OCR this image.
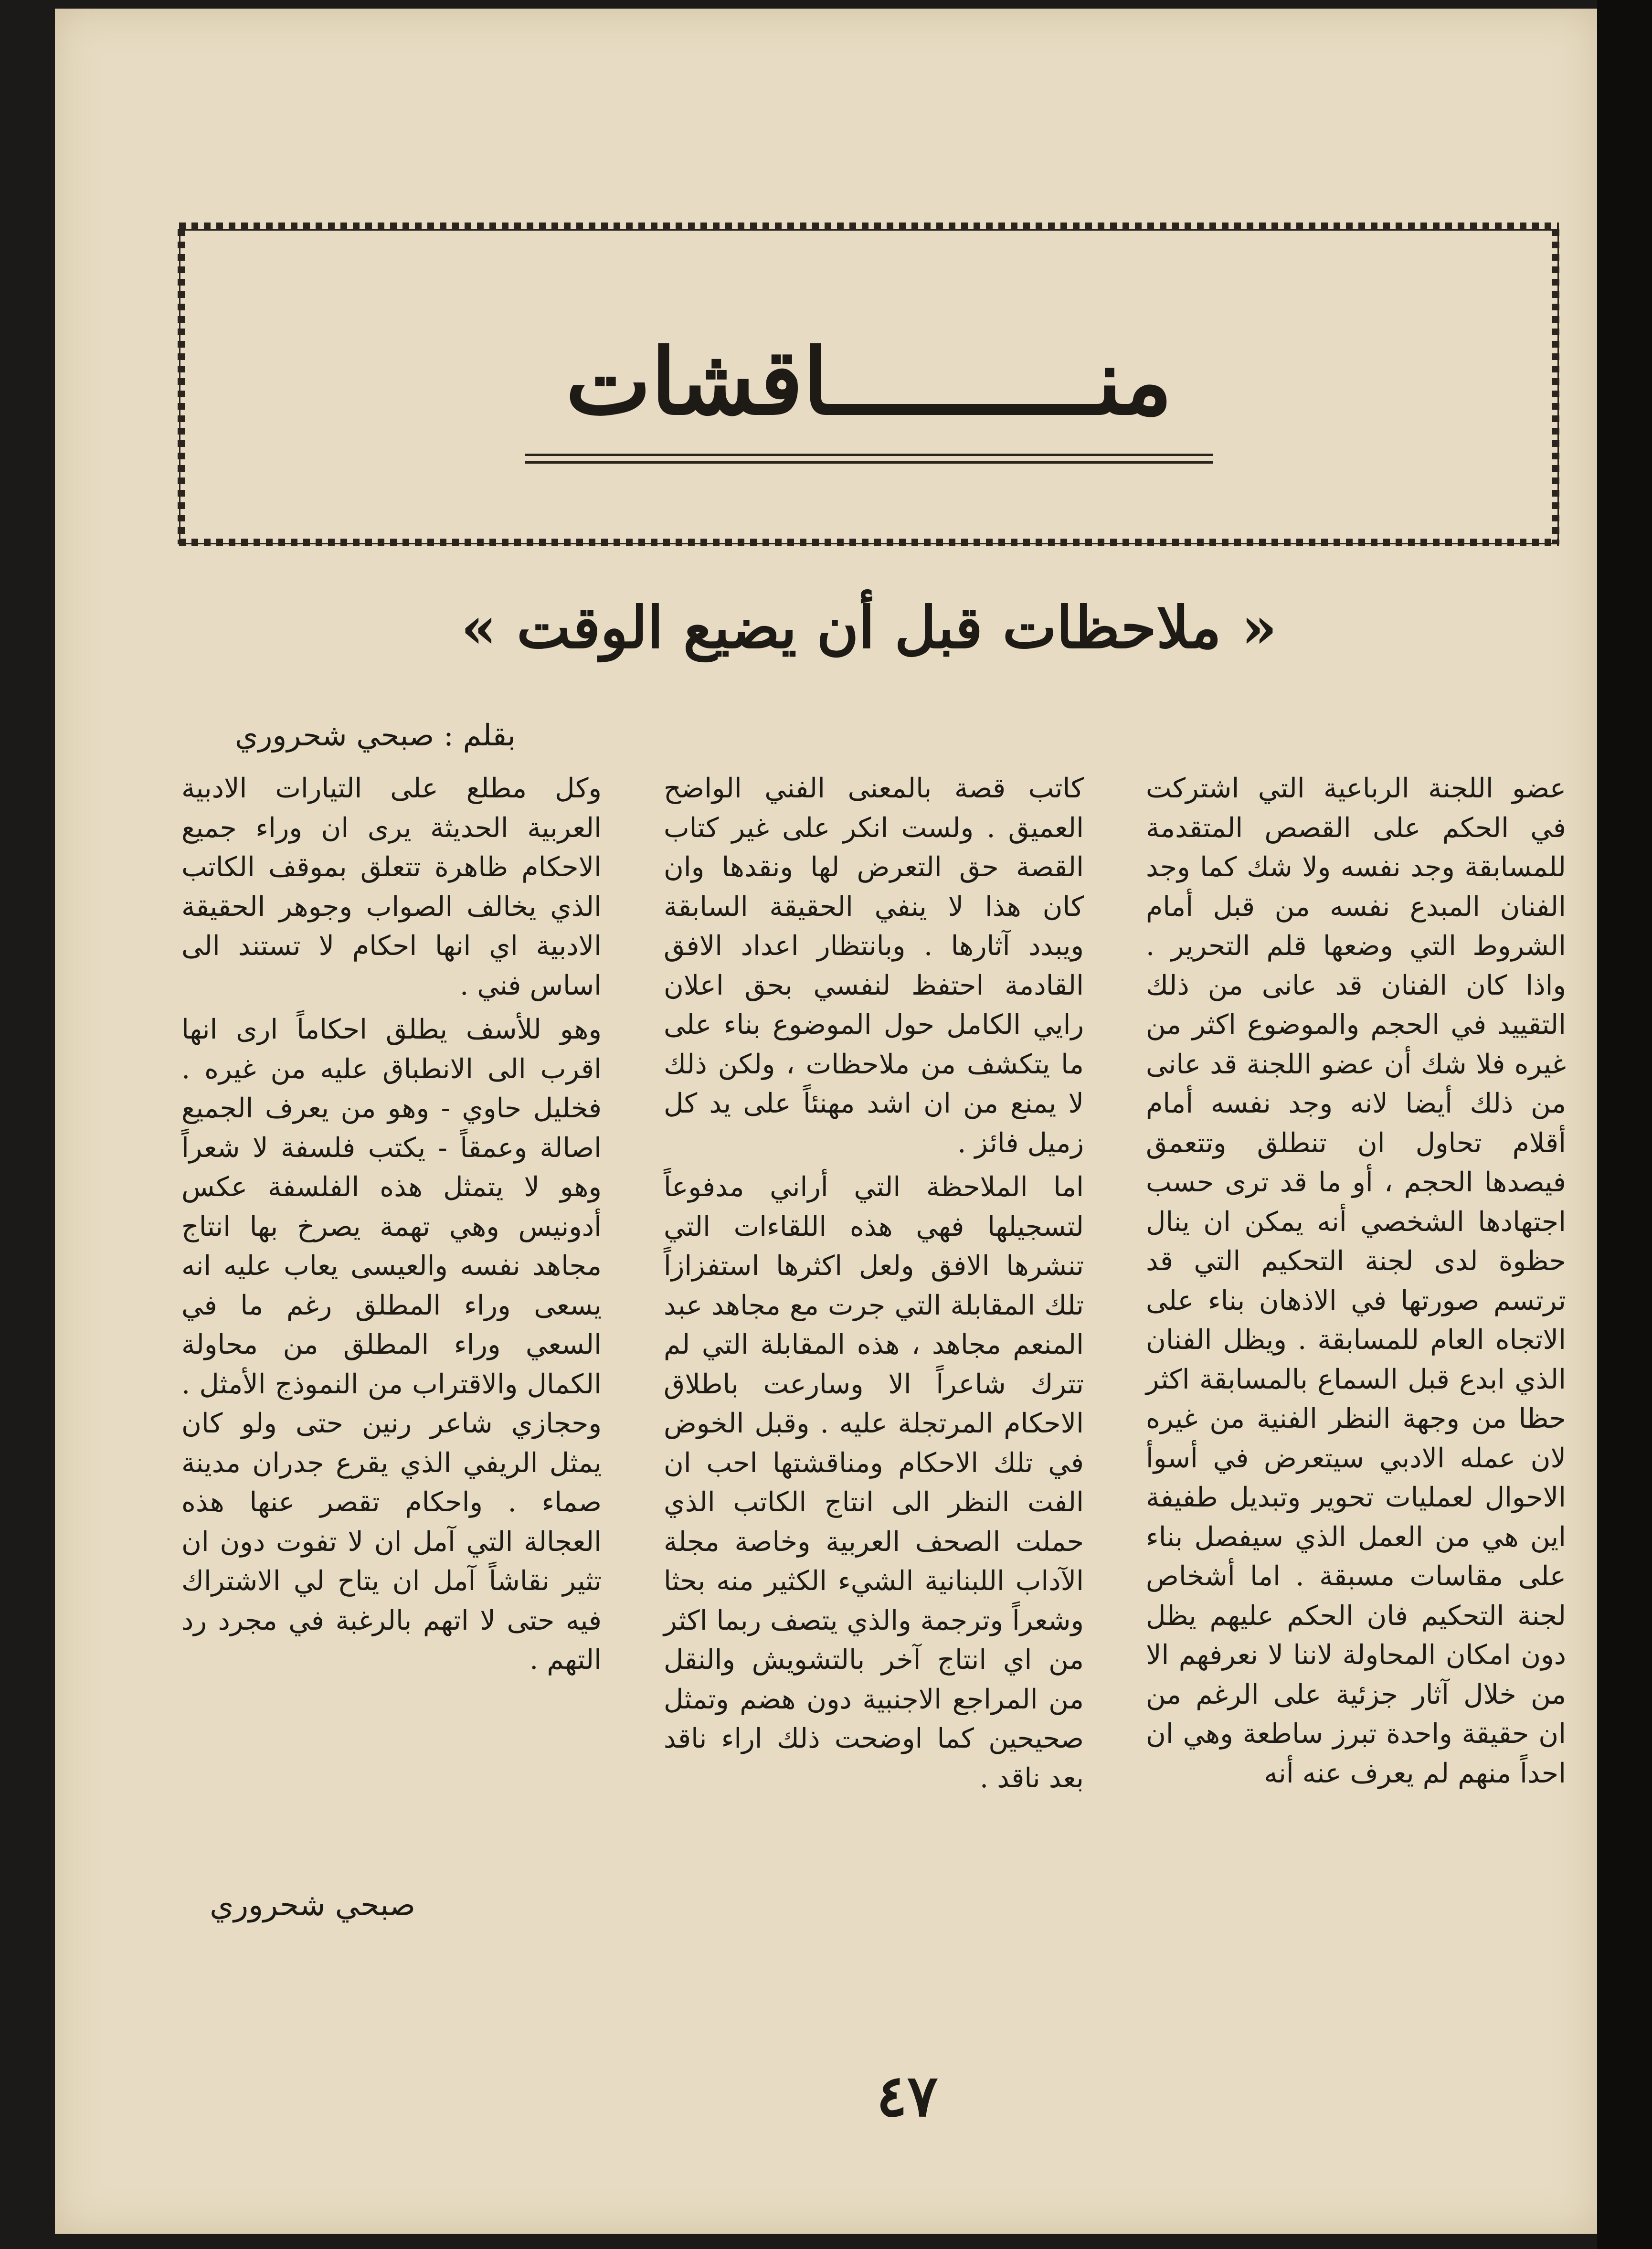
منــــــــــاقشات
« ملاحظات قبل أن يضيع الوقت »
بقلم : صبحي شحروري

عضو اللجنة الرباعية التي اشتركت في الحكم على القصص المتقدمة للمسابقة وجد نفسه ولا شك كما وجد الفنان المبدع نفسه من قبل أمام الشروط التي وضعها قلم التحرير . واذا كان الفنان قد عانى من ذلك التقييد في الحجم والموضوع اكثر من غيره فلا شك أن عضو اللجنة قد عانى من ذلك أيضا لانه وجد نفسه أمام أقلام تحاول ان تنطلق وتتعمق فيصدها الحجم ، أو ما قد ترى حسب اجتهادها الشخصي أنه يمكن ان ينال حظوة لدى لجنة التحكيم التي قد ترتسم صورتها في الاذهان بناء على الاتجاه العام للمسابقة . ويظل الفنان الذي ابدع قبل السماع بالمسابقة اكثر حظا من وجهة النظر الفنية من غيره لان عمله الادبي سيتعرض في أسوأ الاحوال لعمليات تحوير وتبديل طفيفة اين هي من العمل الذي سيفصل بناء على مقاسات مسبقة . اما أشخاص لجنة التحكيم فان الحكم عليهم يظل دون امكان المحاولة لاننا لا نعرفهم الا من خلال آثار جزئية على الرغم من ان حقيقة واحدة تبرز ساطعة وهي ان احداً منهم لم يعرف عنه أنه

كاتب قصة بالمعنى الفني الواضح العميق . ولست انكر على غير كتاب القصة حق التعرض لها ونقدها وان كان هذا لا ينفي الحقيقة السابقة ويبدد آثارها . وبانتظار اعداد الافق القادمة احتفظ لنفسي بحق اعلان رايي الكامل حول الموضوع بناء على ما يتكشف من ملاحظات ، ولكن ذلك لا يمنع من ان اشد مهنئاً على يد كل زميل فائز .

اما الملاحظة التي أراني مدفوعاً لتسجيلها فهي هذه اللقاءات التي تنشرها الافق ولعل اكثرها استفزازاً تلك المقابلة التي جرت مع مجاهد عبد المنعم مجاهد ، هذه المقابلة التي لم تترك شاعراً الا وسارعت باطلاق الاحكام المرتجلة عليه . وقبل الخوض في تلك الاحكام ومناقشتها احب ان الفت النظر الى انتاج الكاتب الذي حملت الصحف العربية وخاصة مجلة الآداب اللبنانية الشيء الكثير منه بحثا وشعراً وترجمة والذي يتصف ربما اكثر من اي انتاج آخر بالتشويش والنقل من المراجع الاجنبية دون هضم وتمثل صحيحين كما اوضحت ذلك اراء ناقد بعد ناقد .

وكل مطلع على التيارات الادبية العربية الحديثة يرى ان وراء جميع الاحكام ظاهرة تتعلق بموقف الكاتب الذي يخالف الصواب وجوهر الحقيقة الادبية اي انها احكام لا تستند الى اساس فني .

وهو للأسف يطلق احكاماً ارى انها اقرب الى الانطباق عليه من غيره . فخليل حاوي - وهو من يعرف الجميع اصالة وعمقاً - يكتب فلسفة لا شعراً وهو لا يتمثل هذه الفلسفة عكس أدونيس وهي تهمة يصرخ بها انتاج مجاهد نفسه والعيسى يعاب عليه انه يسعى وراء المطلق رغم ما في السعي وراء المطلق من محاولة الكمال والاقتراب من النموذج الأمثل . وحجازي شاعر رنين حتى ولو كان يمثل الريفي الذي يقرع جدران مدينة صماء . واحكام تقصر عنها هذه العجالة التي آمل ان لا تفوت دون ان تثير نقاشاً آمل ان يتاح لي الاشتراك فيه حتى لا اتهم بالرغبة في مجرد رد التهم .

صبحي شحروري
٤٧
